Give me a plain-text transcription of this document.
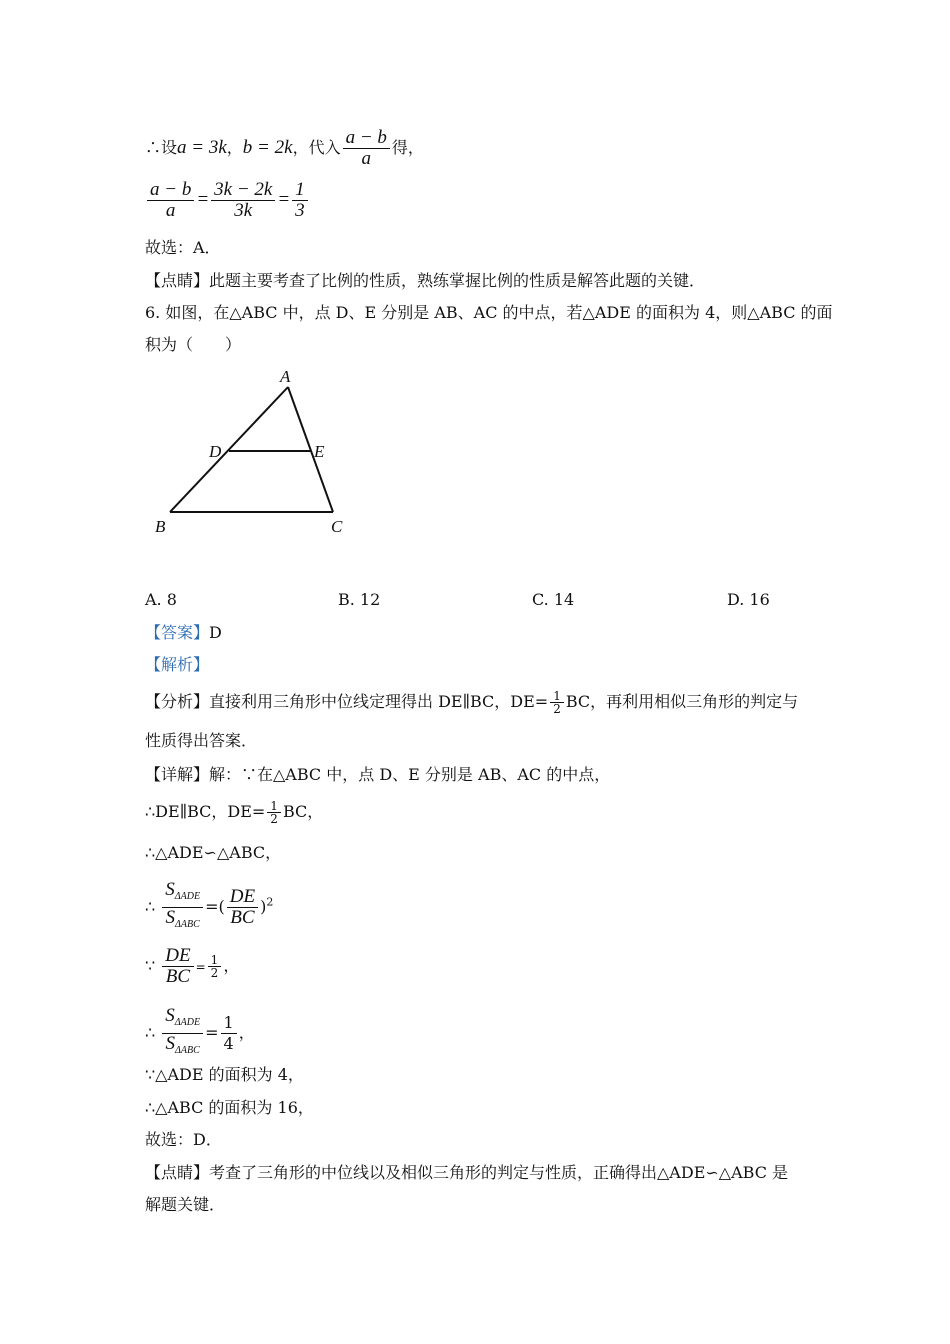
∴设a = 3k，b = 2k，代入 $\frac{a - b}{a}$ 得，
$\frac{a - b}{a} = \frac{3k - 2k}{3k} = \frac{1}{3}$
故选：A．
【点睛】此题主要考查了比例的性质，熟练掌握比例的性质是解答此题的关键．
6. 如图，在△ABC 中，点 D、E 分别是 AB、AC 的中点，若△ADE 的面积为 4，则△ABC 的面
积为（　　）
A
D	E
B	C
A. 8	B. 12	C. 14	D. 16
【答案】D
【解析】
【分析】直接利用三角形中位线定理得出 DE∥BC，$DE= \frac{1}{2}$ BC，再利用相似三角形的判定与
性质得出答案．
【详解】解：∵在△ABC 中，点 D、E 分别是 AB、AC 的中点，
∴DE∥BC，$DE= \frac{1}{2}$ BC，
∴△ADE∽△ABC，
∴ $\frac{S_{\Delta ADE}}{S_{\Delta ABC}}$ =( $\frac{DE}{BC} )^2$
∵ $\frac{DE}{BC} = \frac{1}{2}$ ，
∴ $\frac{S_{\Delta ADE}}{S_{\Delta ABC}} = \frac{1}{4}$ ，
∵△ADE 的面积为 4，
∴△ABC 的面积为 16，
故选：D．
【点睛】考查了三角形的中位线以及相似三角形的判定与性质，正确得出△ADE∽△ABC 是
解题关键．
